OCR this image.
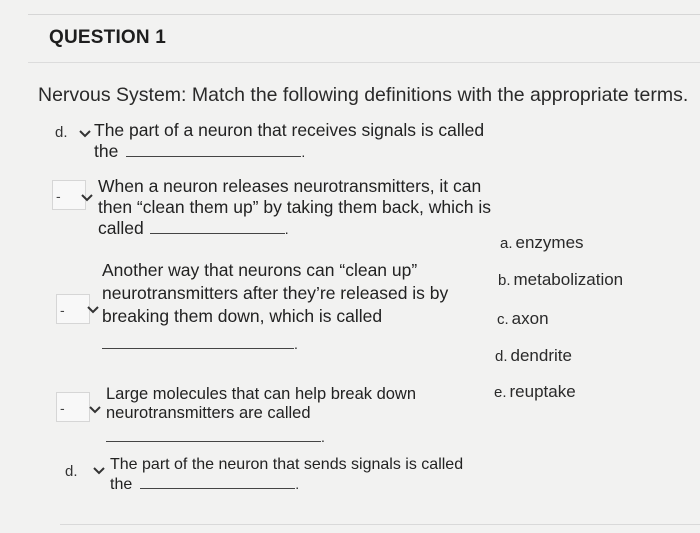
QUESTION 1
Nervous System: Match the following definitions with the appropriate terms.
d. The part of a neuron that receives signals is called
the	.
- When a neuron releases neurotransmitters, it can
then “clean them up” by taking them back, which is
called	.
-
Another way that neurons can “clean up”
neurotransmitters after they’re released is by
breaking them down, which is called
.
-
Large molecules that can help break down
neurotransmitters are called
.
d. The part of the neuron that sends signals is called
the	.
a. enzymes
b. metabolization
c. axon
d. dendrite
e. reuptake
